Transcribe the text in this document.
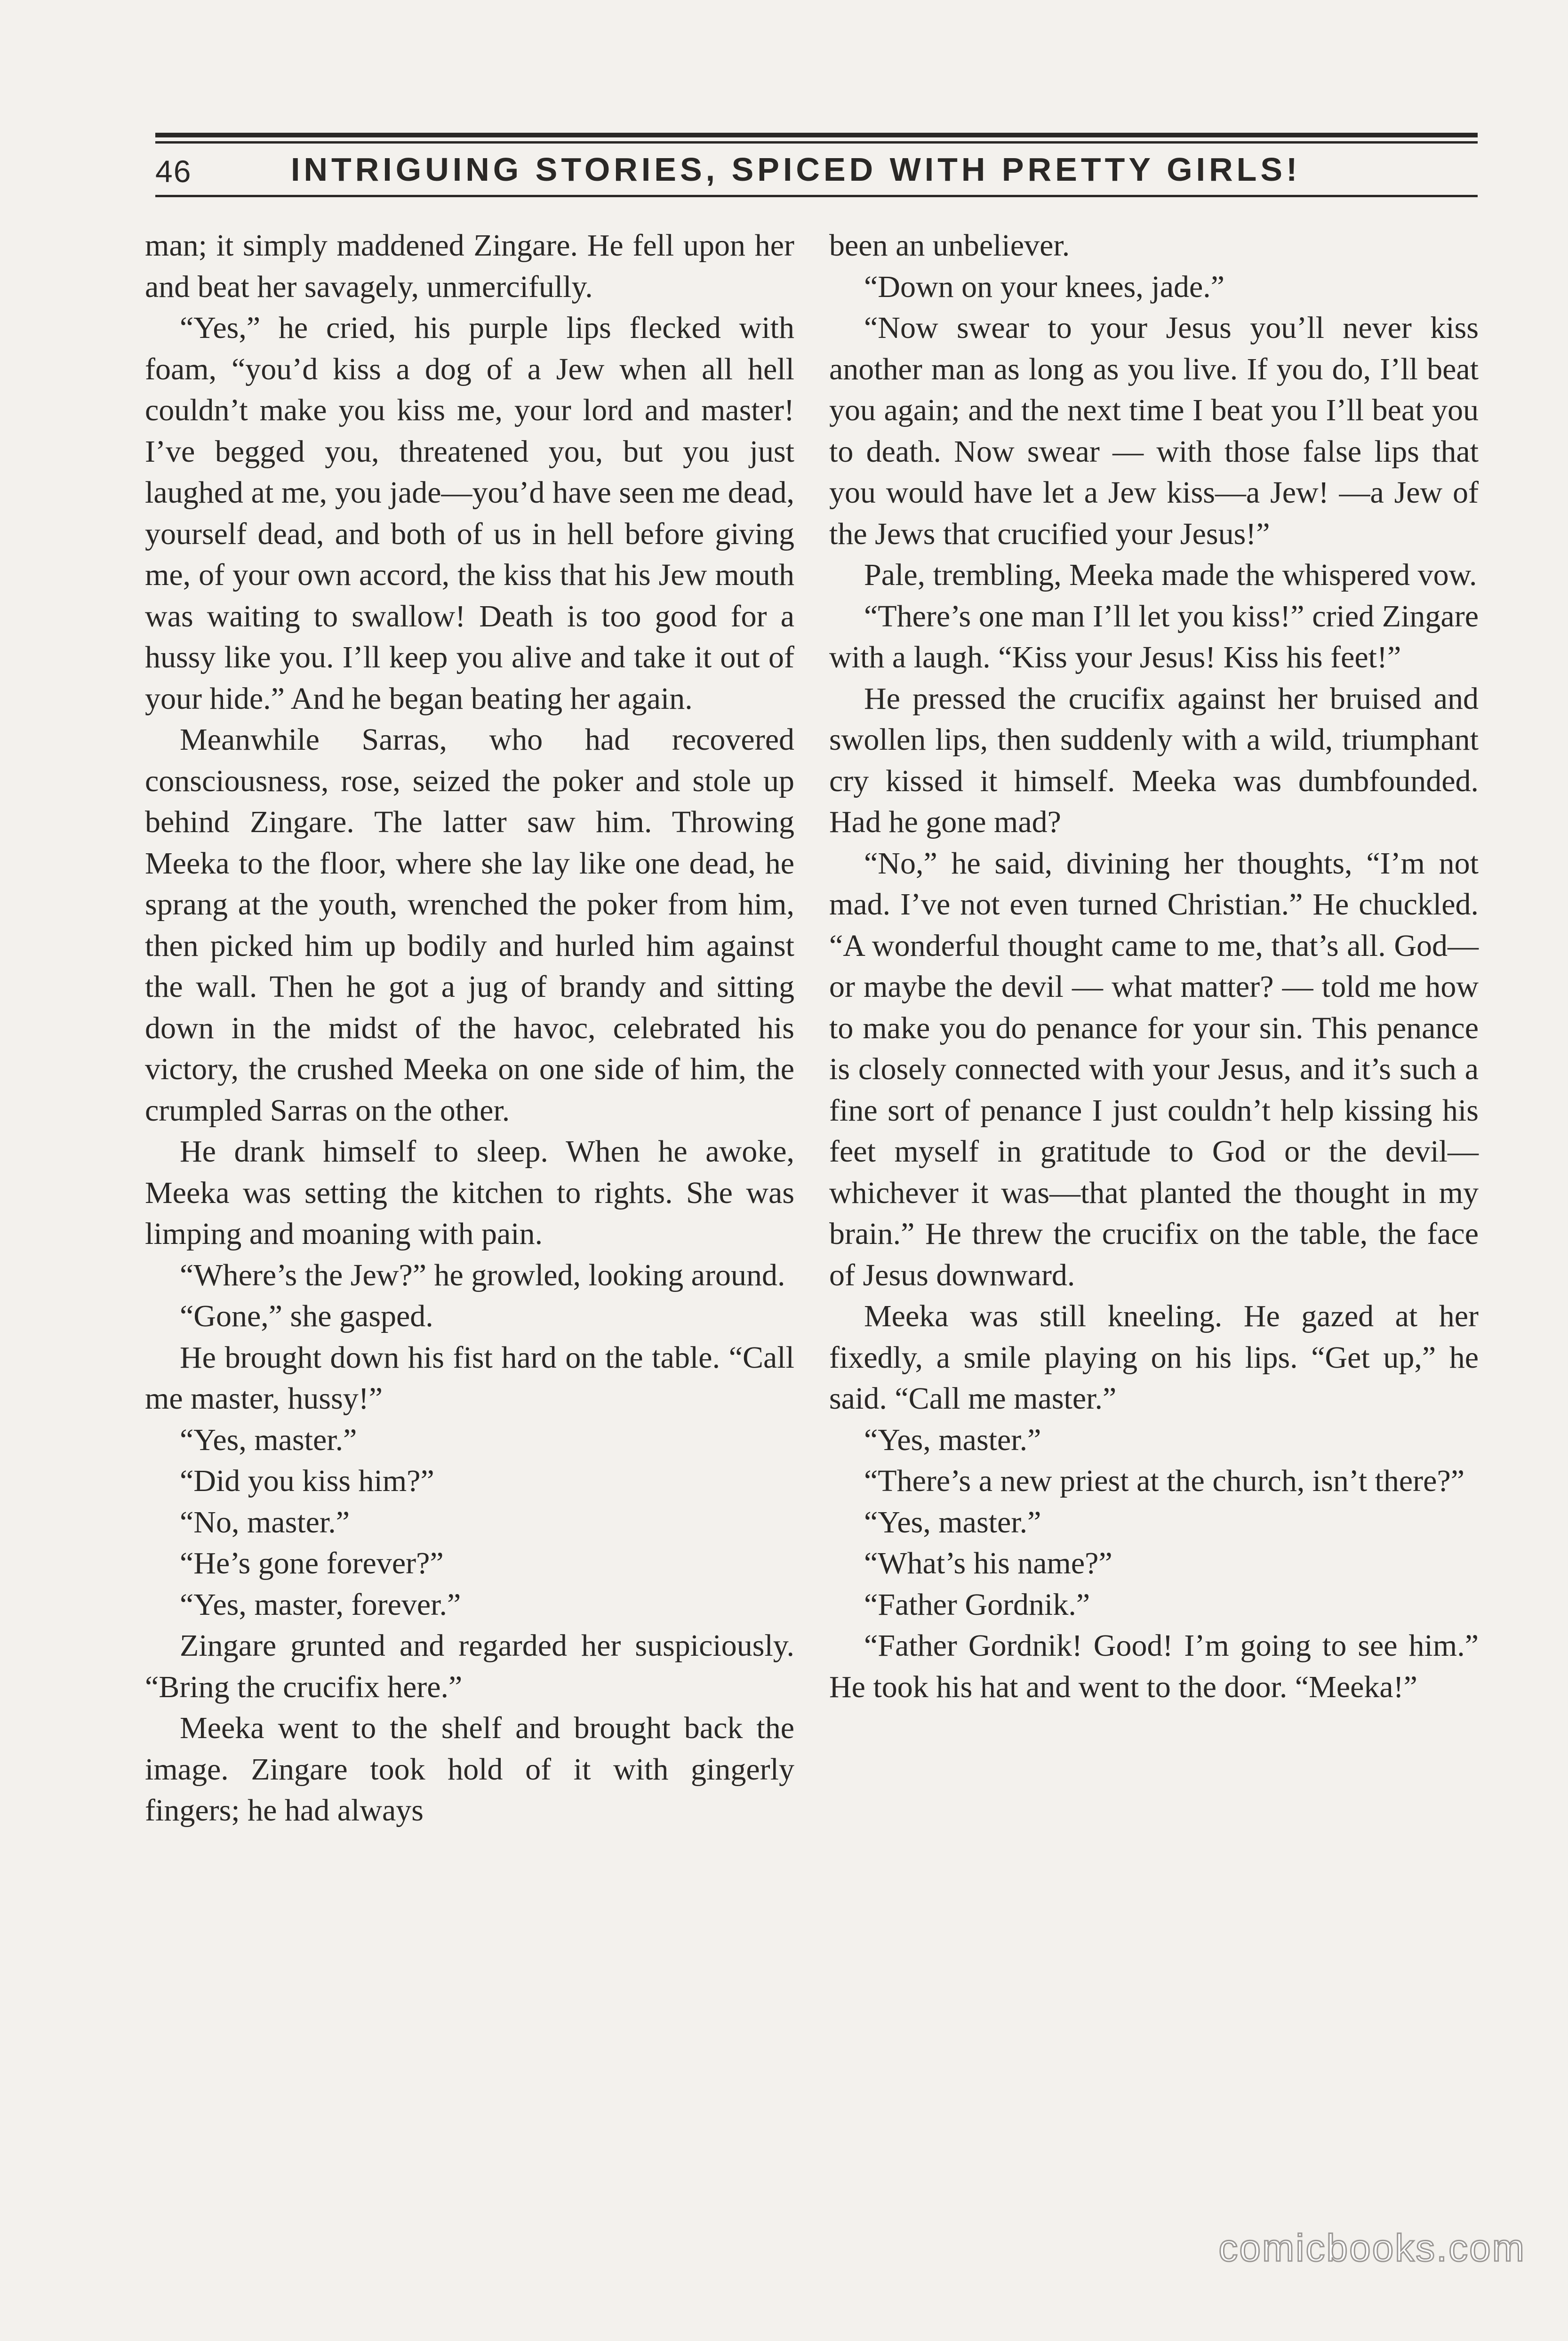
46	INTRIGUING STORIES, SPICED WITH PRETTY GIRLS!

man; it simply maddened Zingare. He fell upon her and beat her savagely, unmercifully.

“Yes,” he cried, his purple lips flecked with foam, “you’d kiss a dog of a Jew when all hell couldn’t make you kiss me, your lord and master! I’ve begged you, threatened you, but you just laughed at me, you jade—you’d have seen me dead, yourself dead, and both of us in hell before giving me, of your own accord, the kiss that his Jew mouth was waiting to swallow! Death is too good for a hussy like you. I’ll keep you alive and take it out of your hide.” And he began beating her again.

Meanwhile Sarras, who had recovered consciousness, rose, seized the poker and stole up behind Zingare. The latter saw him. Throwing Meeka to the floor, where she lay like one dead, he sprang at the youth, wrenched the poker from him, then picked him up bodily and hurled him against the wall. Then he got a jug of brandy and sitting down in the midst of the havoc, celebrated his victory, the crushed Meeka on one side of him, the crumpled Sarras on the other.

He drank himself to sleep. When he awoke, Meeka was setting the kitchen to rights. She was limping and moaning with pain.

“Where’s the Jew?” he growled, looking around.

“Gone,” she gasped.

He brought down his fist hard on the table. “Call me master, hussy!”

“Yes, master.”

“Did you kiss him?”

“No, master.”

“He’s gone forever?”

“Yes, master, forever.”

Zingare grunted and regarded her suspiciously. “Bring the crucifix here.”

Meeka went to the shelf and brought back the image. Zingare took hold of it with gingerly fingers; he had always

been an unbeliever.

“Down on your knees, jade.”

“Now swear to your Jesus you’ll never kiss another man as long as you live. If you do, I’ll beat you again; and the next time I beat you I’ll beat you to death. Now swear — with those false lips that you would have let a Jew kiss—a Jew! —a Jew of the Jews that crucified your Jesus!”

Pale, trembling, Meeka made the whispered vow.

“There’s one man I’ll let you kiss!” cried Zingare with a laugh. “Kiss your Jesus! Kiss his feet!”

He pressed the crucifix against her bruised and swollen lips, then suddenly with a wild, triumphant cry kissed it himself. Meeka was dumbfounded. Had he gone mad?

“No,” he said, divining her thoughts, “I’m not mad. I’ve not even turned Christian.” He chuckled. “A wonderful thought came to me, that’s all. God—or maybe the devil — what matter? — told me how to make you do penance for your sin. This penance is closely connected with your Jesus, and it’s such a fine sort of penance I just couldn’t help kissing his feet myself in gratitude to God or the devil—whichever it was—that planted the thought in my brain.” He threw the crucifix on the table, the face of Jesus downward.

Meeka was still kneeling. He gazed at her fixedly, a smile playing on his lips. “Get up,” he said. “Call me master.”

“Yes, master.”

“There’s a new priest at the church, isn’t there?”

“Yes, master.”

“What’s his name?”

“Father Gordnik.”

“Father Gordnik! Good! I’m going to see him.” He took his hat and went to the door. “Meeka!”

comicbooks.com
